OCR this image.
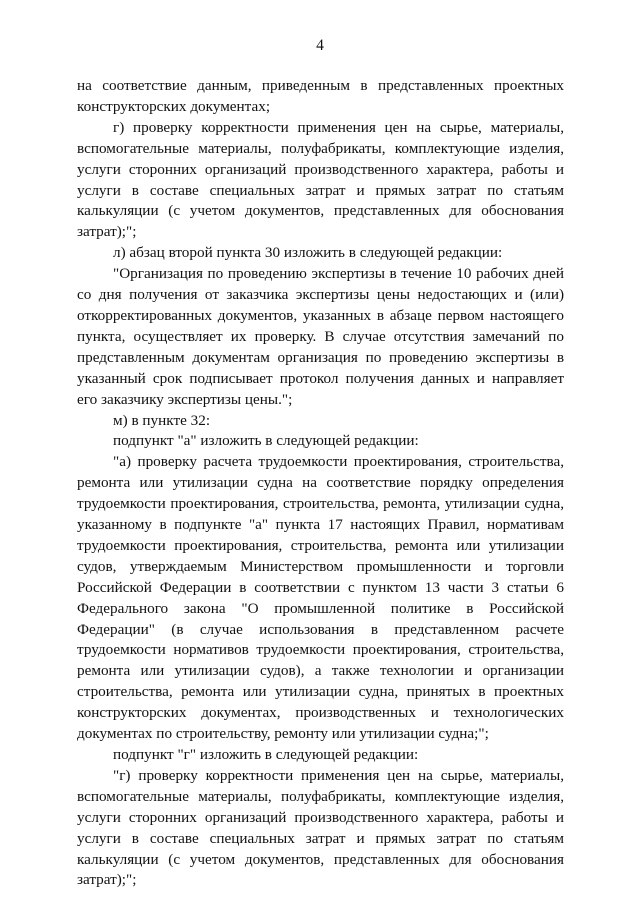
4

на соответствие данным, приведенным в представленных проектных конструкторских документах;

г) проверку корректности применения цен на сырье, материалы, вспомогательные материалы, полуфабрикаты, комплектующие изделия, услуги сторонних организаций производственного характера, работы и услуги в составе специальных затрат и прямых затрат по статьям калькуляции (с учетом документов, представленных для обоснования затрат);";

л) абзац второй пункта 30 изложить в следующей редакции:

"Организация по проведению экспертизы в течение 10 рабочих дней со дня получения от заказчика экспертизы цены недостающих и (или) откорректированных документов, указанных в абзаце первом настоящего пункта, осуществляет их проверку. В случае отсутствия замечаний по представленным документам организация по проведению экспертизы в указанный срок подписывает протокол получения данных и направляет его заказчику экспертизы цены.";

м) в пункте 32:

подпункт "а" изложить в следующей редакции:

"а) проверку расчета трудоемкости проектирования, строительства, ремонта или утилизации судна на соответствие порядку определения трудоемкости проектирования, строительства, ремонта, утилизации судна, указанному в подпункте "а" пункта 17 настоящих Правил, нормативам трудоемкости проектирования, строительства, ремонта или утилизации судов, утверждаемым Министерством промышленности и торговли Российской Федерации в соответствии с пунктом 13 части 3 статьи 6 Федерального закона "О промышленной политике в Российской Федерации" (в случае использования в представленном расчете трудоемкости нормативов трудоемкости проектирования, строительства, ремонта или утилизации судов), а также технологии и организации строительства, ремонта или утилизации судна, принятых в проектных конструкторских документах, производственных и технологических документах по строительству, ремонту или утилизации судна;";

подпункт "г" изложить в следующей редакции:

"г) проверку корректности применения цен на сырье, материалы, вспомогательные материалы, полуфабрикаты, комплектующие изделия, услуги сторонних организаций производственного характера, работы и услуги в составе специальных затрат и прямых затрат по статьям калькуляции (с учетом документов, представленных для обоснования затрат);";
